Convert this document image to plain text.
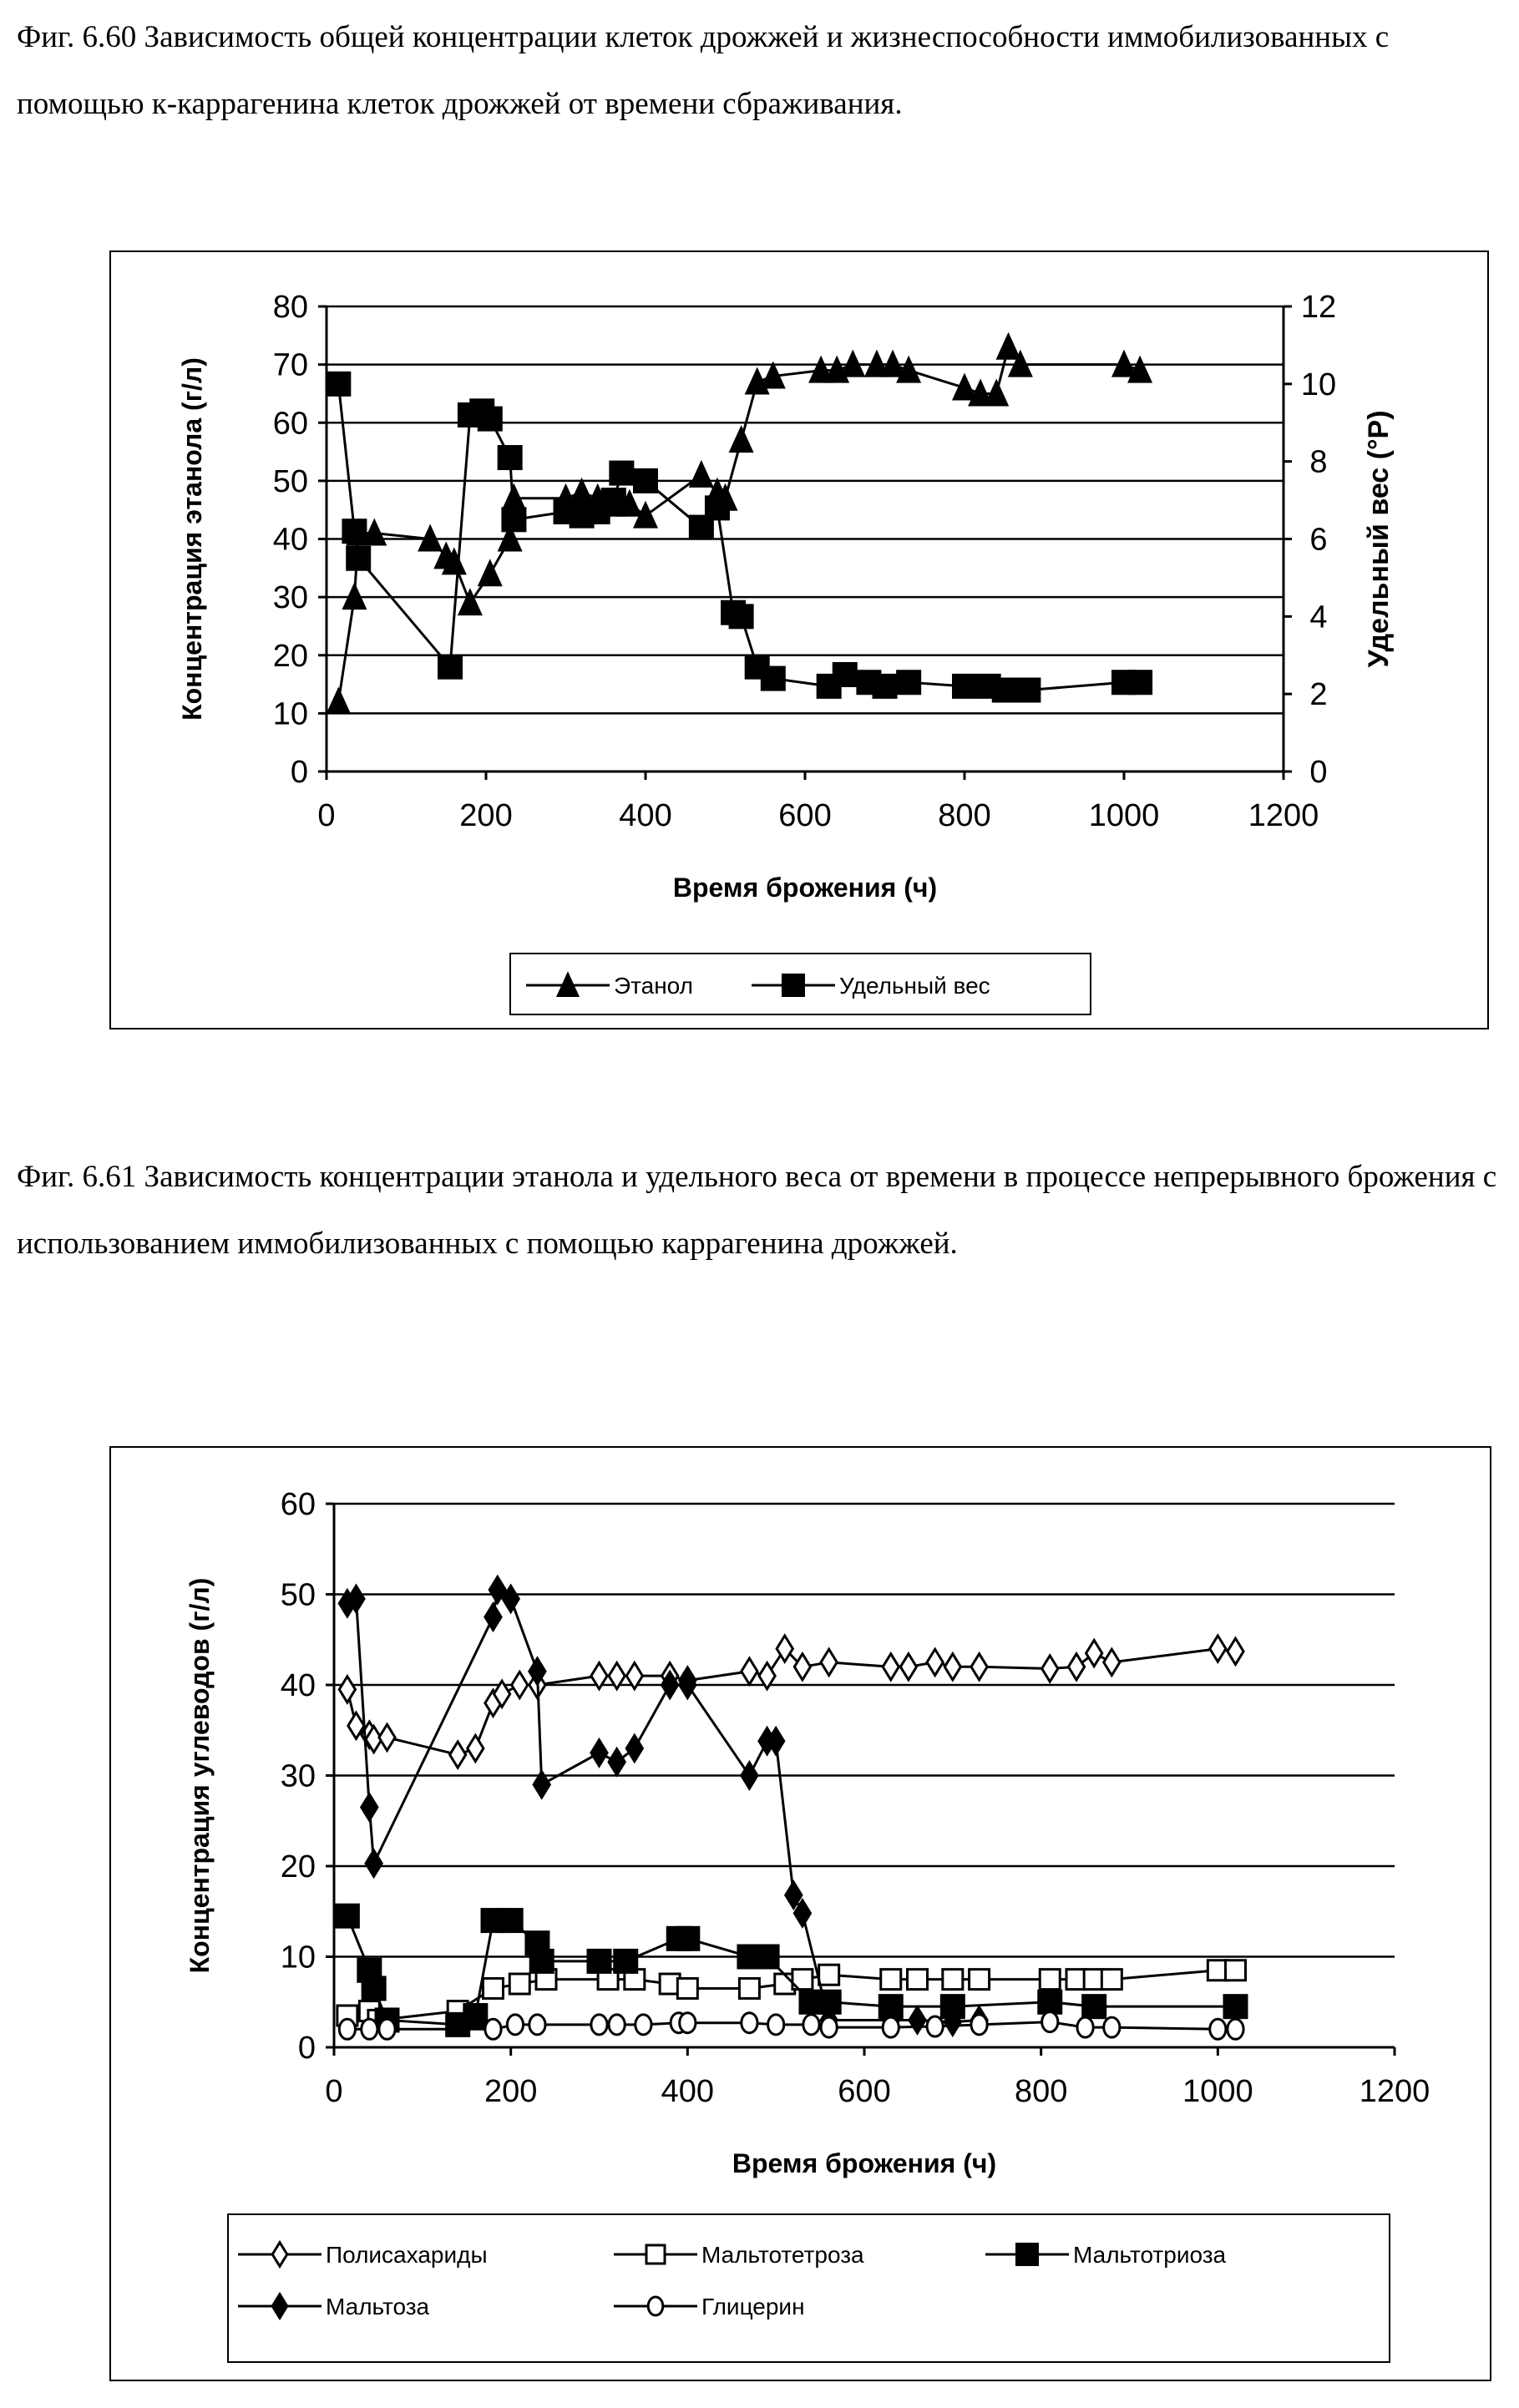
Фиг. 6.60 Зависимость общей концентрации клеток дрожжей и жизнеспособности иммобилизованных с помощью к-каррагенина клеток дрожжей от времени сбраживания.
Фиг. 6.61 Зависимость концентрации этанола и удельного веса от времени в процессе непрерывного брожения с использованием иммобилизованных с помощью каррагенина дрожжей.
0
10
20
30
40
50
60
70
80
0
2
4
6
8
10
12
Удельный вес (°P)
0	200	400	600	800	1000	1200
Время брожения (ч)
Концентрация этанола (г/л)
Этанол	Удельный вес
0
10
20
30
40
50
60
0	200	400	600	800	1000	1200
Время брожения (ч)
Концентрация углеводов (г/л)
Полисахариды	Мальтотетроза	Мальтотриоза
Мальтоза	Глицерин
